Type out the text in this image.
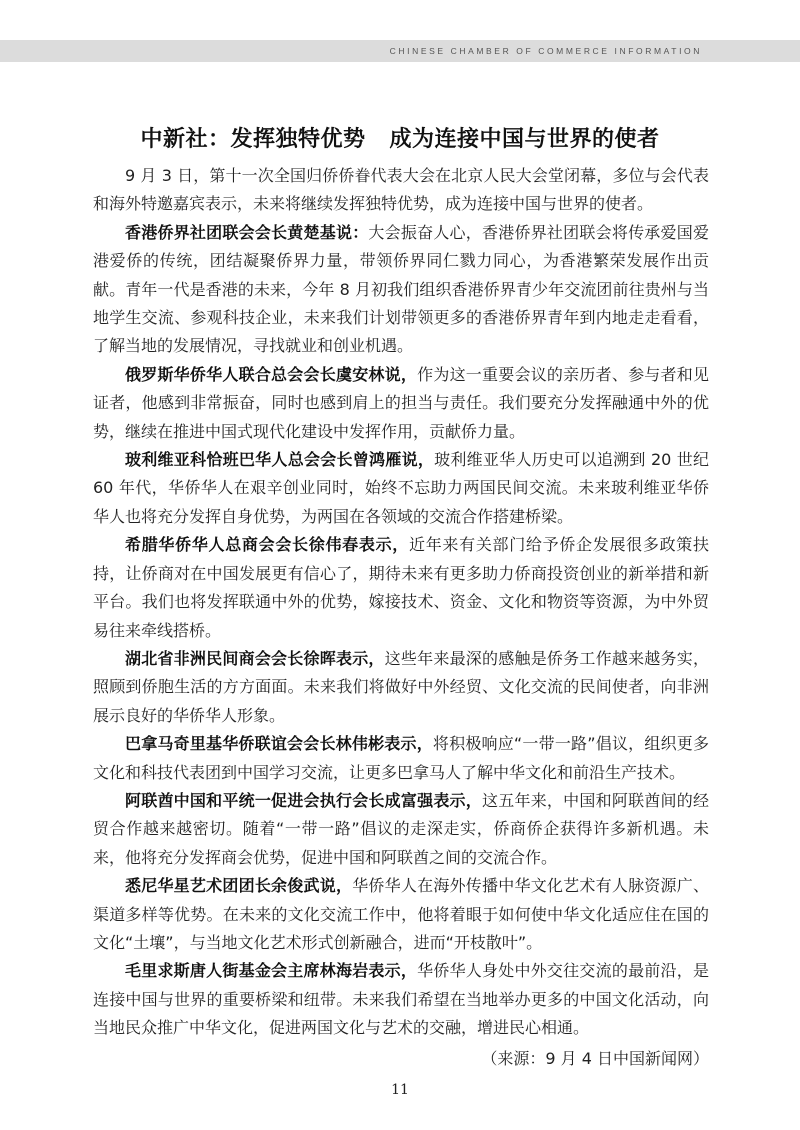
CHINESE CHAMBER OF COMMERCE INFORMATION
中新社：发挥独特优势 成为连接中国与世界的使者

9 月 3 日，第十一次全国归侨侨眷代表大会在北京人民大会堂闭幕，多位与会代表和海外特邀嘉宾表示，未来将继续发挥独特优势，成为连接中国与世界的使者。

香港侨界社团联会会长黄楚基说：大会振奋人心，香港侨界社团联会将传承爱国爱港爱侨的传统，团结凝聚侨界力量，带领侨界同仁戮力同心，为香港繁荣发展作出贡献。青年一代是香港的未来，今年 8 月初我们组织香港侨界青少年交流团前往贵州与当地学生交流、参观科技企业，未来我们计划带领更多的香港侨界青年到内地走走看看，了解当地的发展情况，寻找就业和创业机遇。

俄罗斯华侨华人联合总会会长虞安林说，作为这一重要会议的亲历者、参与者和见证者，他感到非常振奋，同时也感到肩上的担当与责任。我们要充分发挥融通中外的优势，继续在推进中国式现代化建设中发挥作用，贡献侨力量。

玻利维亚科恰班巴华人总会会长曾鸿雁说，玻利维亚华人历史可以追溯到 20 世纪 60 年代，华侨华人在艰辛创业同时，始终不忘助力两国民间交流。未来玻利维亚华侨华人也将充分发挥自身优势，为两国在各领域的交流合作搭建桥梁。

希腊华侨华人总商会会长徐伟春表示，近年来有关部门给予侨企发展很多政策扶持，让侨商对在中国发展更有信心了，期待未来有更多助力侨商投资创业的新举措和新平台。我们也将发挥联通中外的优势，嫁接技术、资金、文化和物资等资源，为中外贸易往来牵线搭桥。

湖北省非洲民间商会会长徐晖表示，这些年来最深的感触是侨务工作越来越务实，照顾到侨胞生活的方方面面。未来我们将做好中外经贸、文化交流的民间使者，向非洲展示良好的华侨华人形象。

巴拿马奇里基华侨联谊会会长林伟彬表示，将积极响应“一带一路”倡议，组织更多文化和科技代表团到中国学习交流，让更多巴拿马人了解中华文化和前沿生产技术。

阿联酋中国和平统一促进会执行会长成富强表示，这五年来，中国和阿联酋间的经贸合作越来越密切。随着“一带一路”倡议的走深走实，侨商侨企获得许多新机遇。未来，他将充分发挥商会优势，促进中国和阿联酋之间的交流合作。

悉尼华星艺术团团长余俊武说，华侨华人在海外传播中华文化艺术有人脉资源广、渠道多样等优势。在未来的文化交流工作中，他将着眼于如何使中华文化适应住在国的文化“土壤”，与当地文化艺术形式创新融合，进而“开枝散叶”。

毛里求斯唐人街基金会主席林海岩表示，华侨华人身处中外交往交流的最前沿，是连接中国与世界的重要桥梁和纽带。未来我们希望在当地举办更多的中国文化活动，向当地民众推广中华文化，促进两国文化与艺术的交融，增进民心相通。

（来源：9 月 4 日中国新闻网）

11
